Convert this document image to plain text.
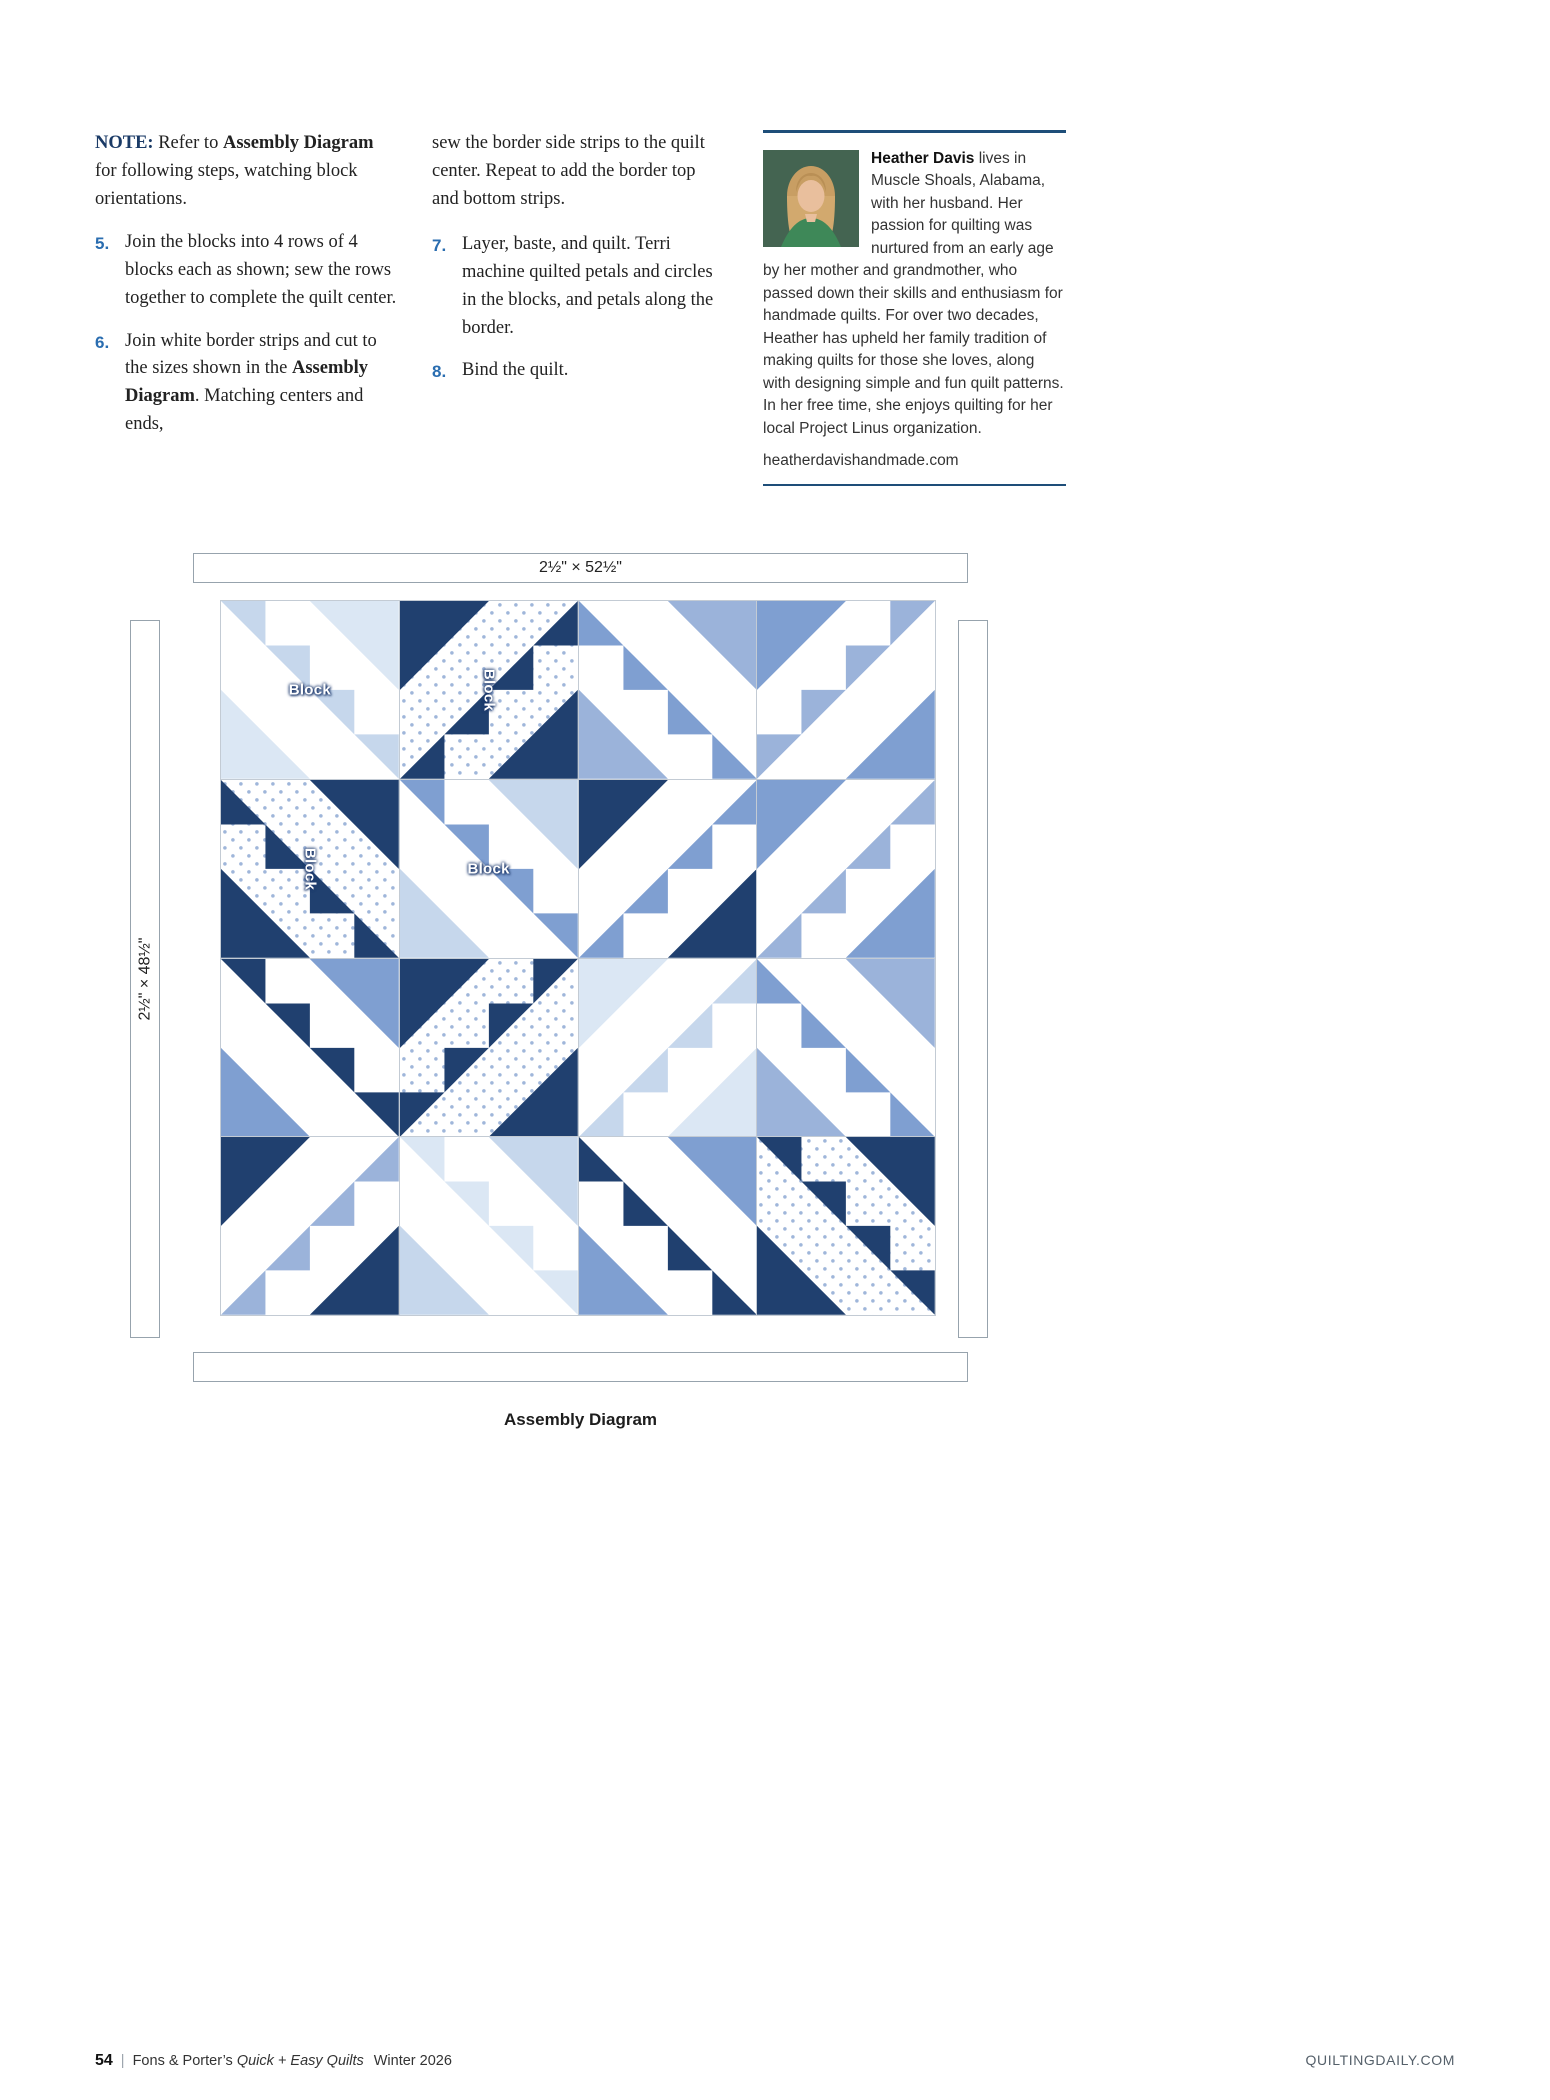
NOTE: Refer to Assembly Diagram for following steps, watching block orientations.

5. Join the blocks into 4 rows of 4 blocks each as shown; sew the rows together to complete the quilt center.
6. Join white border strips and cut to the sizes shown in the Assembly Diagram. Matching centers and ends,

sew the border side strips to the quilt center. Repeat to add the border top and bottom strips.

7. Layer, baste, and quilt. Terri machine quilted petals and circles in the blocks, and petals along the border.
8. Bind the quilt.

Heather Davis lives in Muscle Shoals, Alabama, with her husband. Her passion for quilting was nurtured from an early age by her mother and grandmother, who passed down their skills and enthusiasm for handmade quilts. For over two decades, Heather has upheld her family tradition of making quilts for those she loves, along with designing simple and fun quilt patterns. In her free time, she enjoys quilting for her local Project Linus organization.

heatherdavishandmade.com

2½" × 52½"
2½" × 48½"
Block	Block
Block	Block
Assembly Diagram
54 | Fons & Porter’s Quick + Easy Quilts Winter 2026	QUILTINGDAILY.COM
